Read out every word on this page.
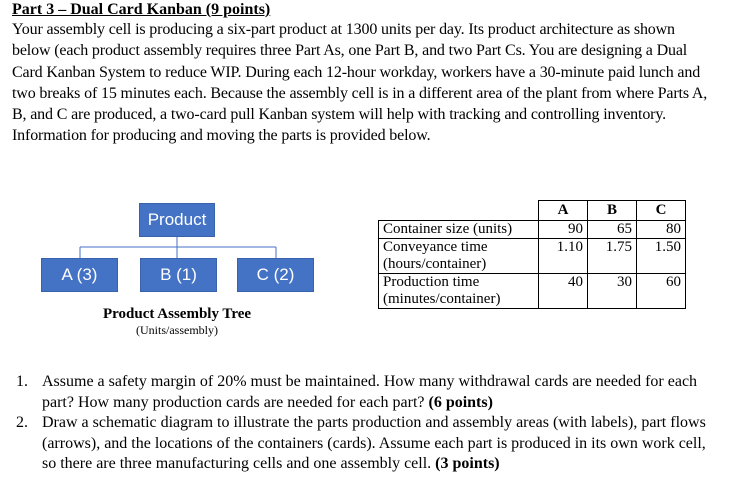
Part 3 – Dual Card Kanban (9 points)
Your assembly cell is producing a six-part product at 1300 units per day. Its product architecture as shown below (each product assembly requires three Part As, one Part B, and two Part Cs. You are designing a Dual Card Kanban System to reduce WIP. During each 12-hour workday, workers have a 30-minute paid lunch and two breaks of 15 minutes each. Because the assembly cell is in a different area of the plant from where Parts A, B, and C are produced, a two-card pull Kanban system will help with tracking and controlling inventory. Information for producing and moving the parts is provided below.
Product
A (3)	B (1)	C (2)
Product Assembly Tree
(Units/assembly)
	A	B	C
Container size (units)	90	65	80
Conveyance time (hours/container)	1.10	1.75	1.50
Production time (minutes/container)	40	30	60
1. Assume a safety margin of 20% must be maintained. How many withdrawal cards are needed for each part? How many production cards are needed for each part? (6 points)
2. Draw a schematic diagram to illustrate the parts production and assembly areas (with labels), part flows (arrows), and the locations of the containers (cards). Assume each part is produced in its own work cell, so there are three manufacturing cells and one assembly cell. (3 points)
